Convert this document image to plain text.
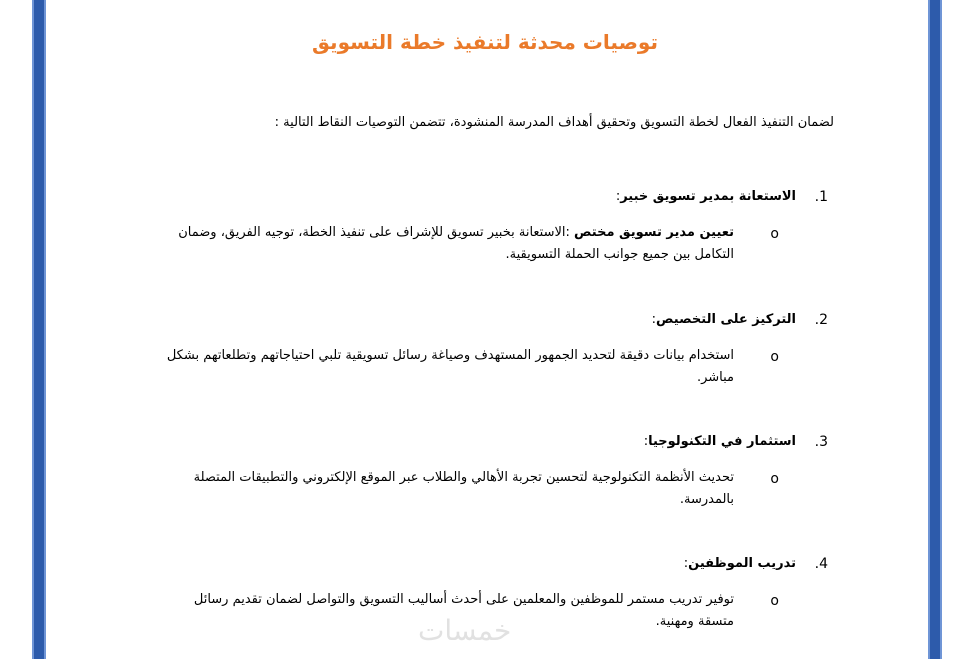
توصيات محدثة لتنفيذ خطة التسويق

لضمان التنفيذ الفعال لخطة التسويق وتحقيق أهداف المدرسة المنشودة، تتضمن التوصيات النقاط التالية :

1.
الاستعانة بمدير تسويق خبير:
o
تعيين مدير تسويق مختص :الاستعانة بخبير تسويق للإشراف على تنفيذ الخطة، توجيه الفريق، وضمان التكامل بين جميع جوانب الحملة التسويقية.
2.
التركيز على التخصيص:
o
استخدام بيانات دقيقة لتحديد الجمهور المستهدف وصياغة رسائل تسويقية تلبي احتياجاتهم وتطلعاتهم بشكل مباشر.
3.
استثمار في التكنولوجيا:
o
تحديث الأنظمة التكنولوجية لتحسين تجربة الأهالي والطلاب عبر الموقع الإلكتروني والتطبيقات المتصلة بالمدرسة.
4.
تدريب الموظفين:
o
توفير تدريب مستمر للموظفين والمعلمين على أحدث أساليب التسويق والتواصل لضمان تقديم رسائل متسقة ومهنية.
خمسات
